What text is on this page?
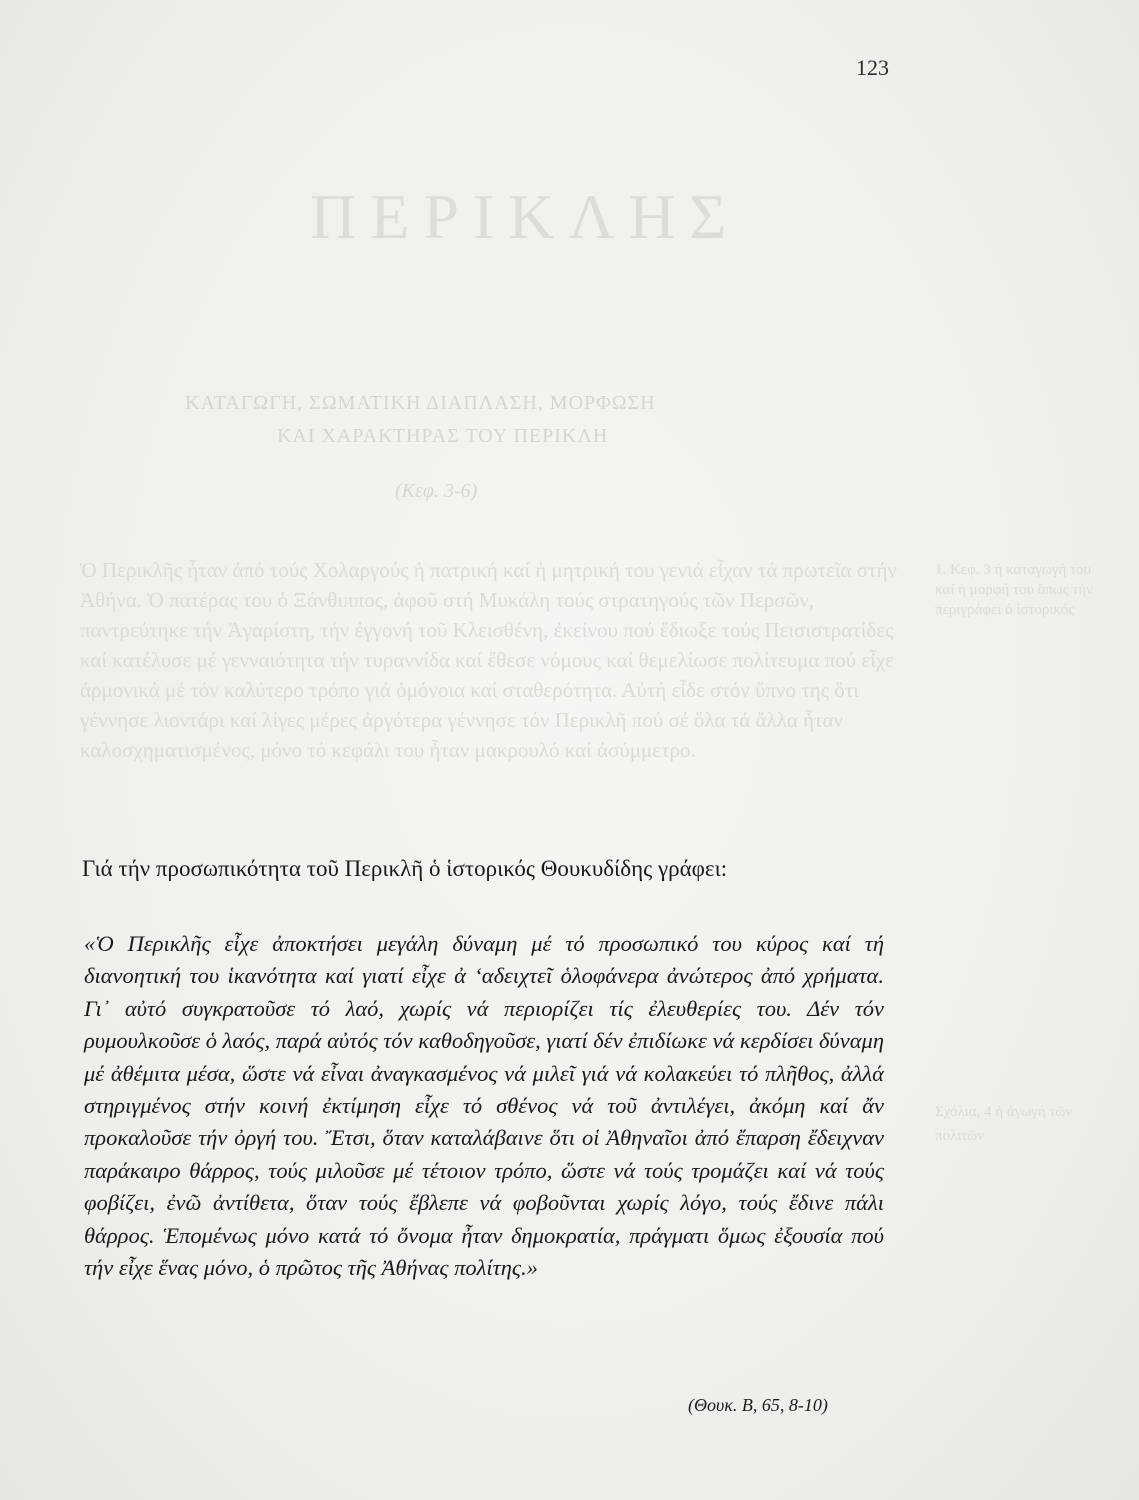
ΠΕΡΙΚΛΗΣ
ΚΑΤΑΓΩΓΗ, ΣΩΜΑΤΙΚΗ ΔΙΑΠΛΑΣΗ, ΜΟΡΦΩΣΗ
ΚΑΙ ΧΑΡΑΚΤΗΡΑΣ ΤΟΥ ΠΕΡΙΚΛΗ
(Κεφ. 3-6)
Ὁ Περικλῆς ἦταν ἀπό τούς Χολαργούς ἡ πατρική καί ἡ μητρική του γενιά εἶχαν τά πρωτεῖα στήν Ἀθήνα. Ὁ πατέρας του ὁ Ξάνθιππος, ἀφοῦ στή Μυκάλη τούς στρατηγούς τῶν Περσῶν, παντρεύτηκε τήν Ἀγαρίστη, τήν ἐγγονή τοῦ Κλεισθένη, ἐκείνου πού ἔδιωξε τούς Πεισιστρατίδες καί κατέλυσε μέ γενναιότητα τήν τυραννίδα καί ἔθεσε νόμους καί θεμελίωσε πολίτευμα πού εἶχε ἀρμονικά μέ τόν καλύτερο τρόπο γιά ὁμόνοια καί σταθερότητα. Αὐτή εἶδε στόν ὕπνο της ὅτι γέννησε λιοντάρι καί λίγες μέρες ἀργότερα γέννησε τόν Περικλῆ πού σέ ὅλα τά ἄλλα ἦταν καλοσχηματισμένος, μόνο τό κεφάλι του ἦταν μακρουλό καί ἀσύμμετρο.
1. Κεφ. 3 ἡ καταγωγή του καί ἡ μορφή του ὅπως τήν περιγράφει ὁ ἱστορικός
Σχόλια, 4 ἡ ἀγωγή τῶν πολιτῶν
123
Γιά τήν προσωπικότητα τοῦ Περικλῆ ὁ ἱστορικός Θουκυδίδης γράφει:

«Ὁ Περικλῆς εἶχε ἀποκτήσει μεγάλη δύναμη μέ τό προσωπικό του κύρος καί τή διανοητική του ἱκανότητα καί γιατί εἶχε ἀ ‘αδειχτεῖ ὁλοφάνερα ἀνώτερος ἀπό χρήματα. Γι᾽ αὐτό συγκρατοῦσε τό λαό, χωρίς νά περιορίζει τίς ἐλευθερίες του. Δέν τόν ρυμουλκοῦσε ὁ λαός, παρά αὐτός τόν καθοδηγοῦσε, γιατί δέν ἐπιδίωκε νά κερδίσει δύναμη μέ ἀθέμιτα μέσα, ὥστε νά εἶναι ἀναγκασμένος νά μιλεῖ γιά νά κολακεύει τό πλῆθος, ἀλλά στηριγμένος στήν κοινή ἐκτίμηση εἶχε τό σθένος νά τοῦ ἀντιλέγει, ἀκόμη καί ἄν προκαλοῦσε τήν ὀργή του. Ἔτσι, ὅταν καταλάβαινε ὅτι οἱ Ἀθηναῖοι ἀπό ἔπαρση ἔδειχναν παράκαιρο θάρρος, τούς μιλοῦσε μέ τέτοιον τρόπο, ὥστε νά τούς τρομάζει καί νά τούς φοβίζει, ἐνῶ ἀντίθετα, ὅταν τούς ἔβλεπε νά φοβοῦνται χωρίς λόγο, τούς ἔδινε πάλι θάρρος. Ἑπομένως μόνο κατά τό ὄνομα ἦταν δημοκρατία, πράγματι ὅμως ἐξουσία πού τήν εἶχε ἕνας μόνο, ὁ πρῶτος τῆς Ἀθήνας πολίτης.»

(Θουκ. Β, 65, 8-10)
